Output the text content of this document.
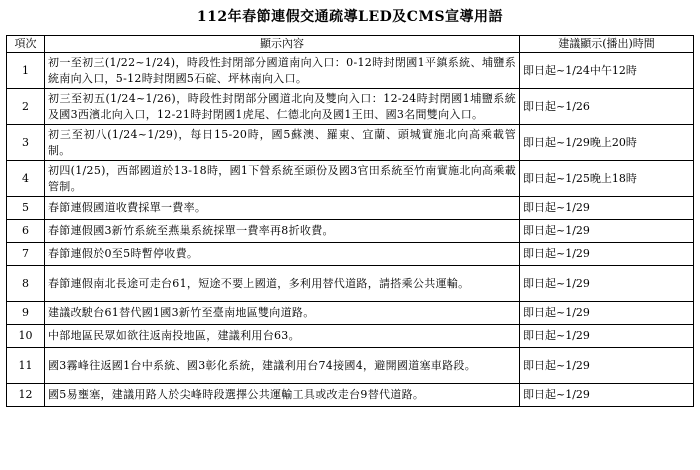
112年春節連假交通疏導LED及CMS宣導用語
項次	顯示內容	建議顯示(播出)時間
1	初一至初三(1/22~1/24)，時段性封閉部分國道南向入口：0-12時封閉國1平鎮系統、埔鹽系統南向入口，5-12時封閉國5石碇、坪林南向入口。	即日起~1/24中午12時
2	初三至初五(1/24~1/26)，時段性封閉部分國道北向及雙向入口：12-24時封閉國1埔鹽系統及國3西濱北向入口，12-21時封閉國1虎尾、仁德北向及國1王田、國3名間雙向入口。	即日起~1/26
3	初三至初八(1/24~1/29)，每日15-20時，國5蘇澳、羅東、宜蘭、頭城實施北向高乘載管制。	即日起~1/29晚上20時
4	初四(1/25)，西部國道於13-18時，國1下營系統至頭份及國3官田系統至竹南實施北向高乘載管制。	即日起~1/25晚上18時
5	春節連假國道收費採單一費率。	即日起~1/29
6	春節連假國3新竹系統至燕巢系統採單一費率再8折收費。	即日起~1/29
7	春節連假於0至5時暫停收費。	即日起~1/29
8	春節連假南北長途可走台61，短途不要上國道，多利用替代道路，請搭乘公共運輸。	即日起~1/29
9	建議改駛台61替代國1國3新竹至臺南地區雙向道路。	即日起~1/29
10	中部地區民眾如欲往返南投地區，建議利用台63。	即日起~1/29
11	國3霧峰往返國1台中系統、國3彰化系統，建議利用台74接國4，避開國道塞車路段。	即日起~1/29
12	國5易壅塞，建議用路人於尖峰時段選擇公共運輸工具或改走台9替代道路。	即日起~1/29
